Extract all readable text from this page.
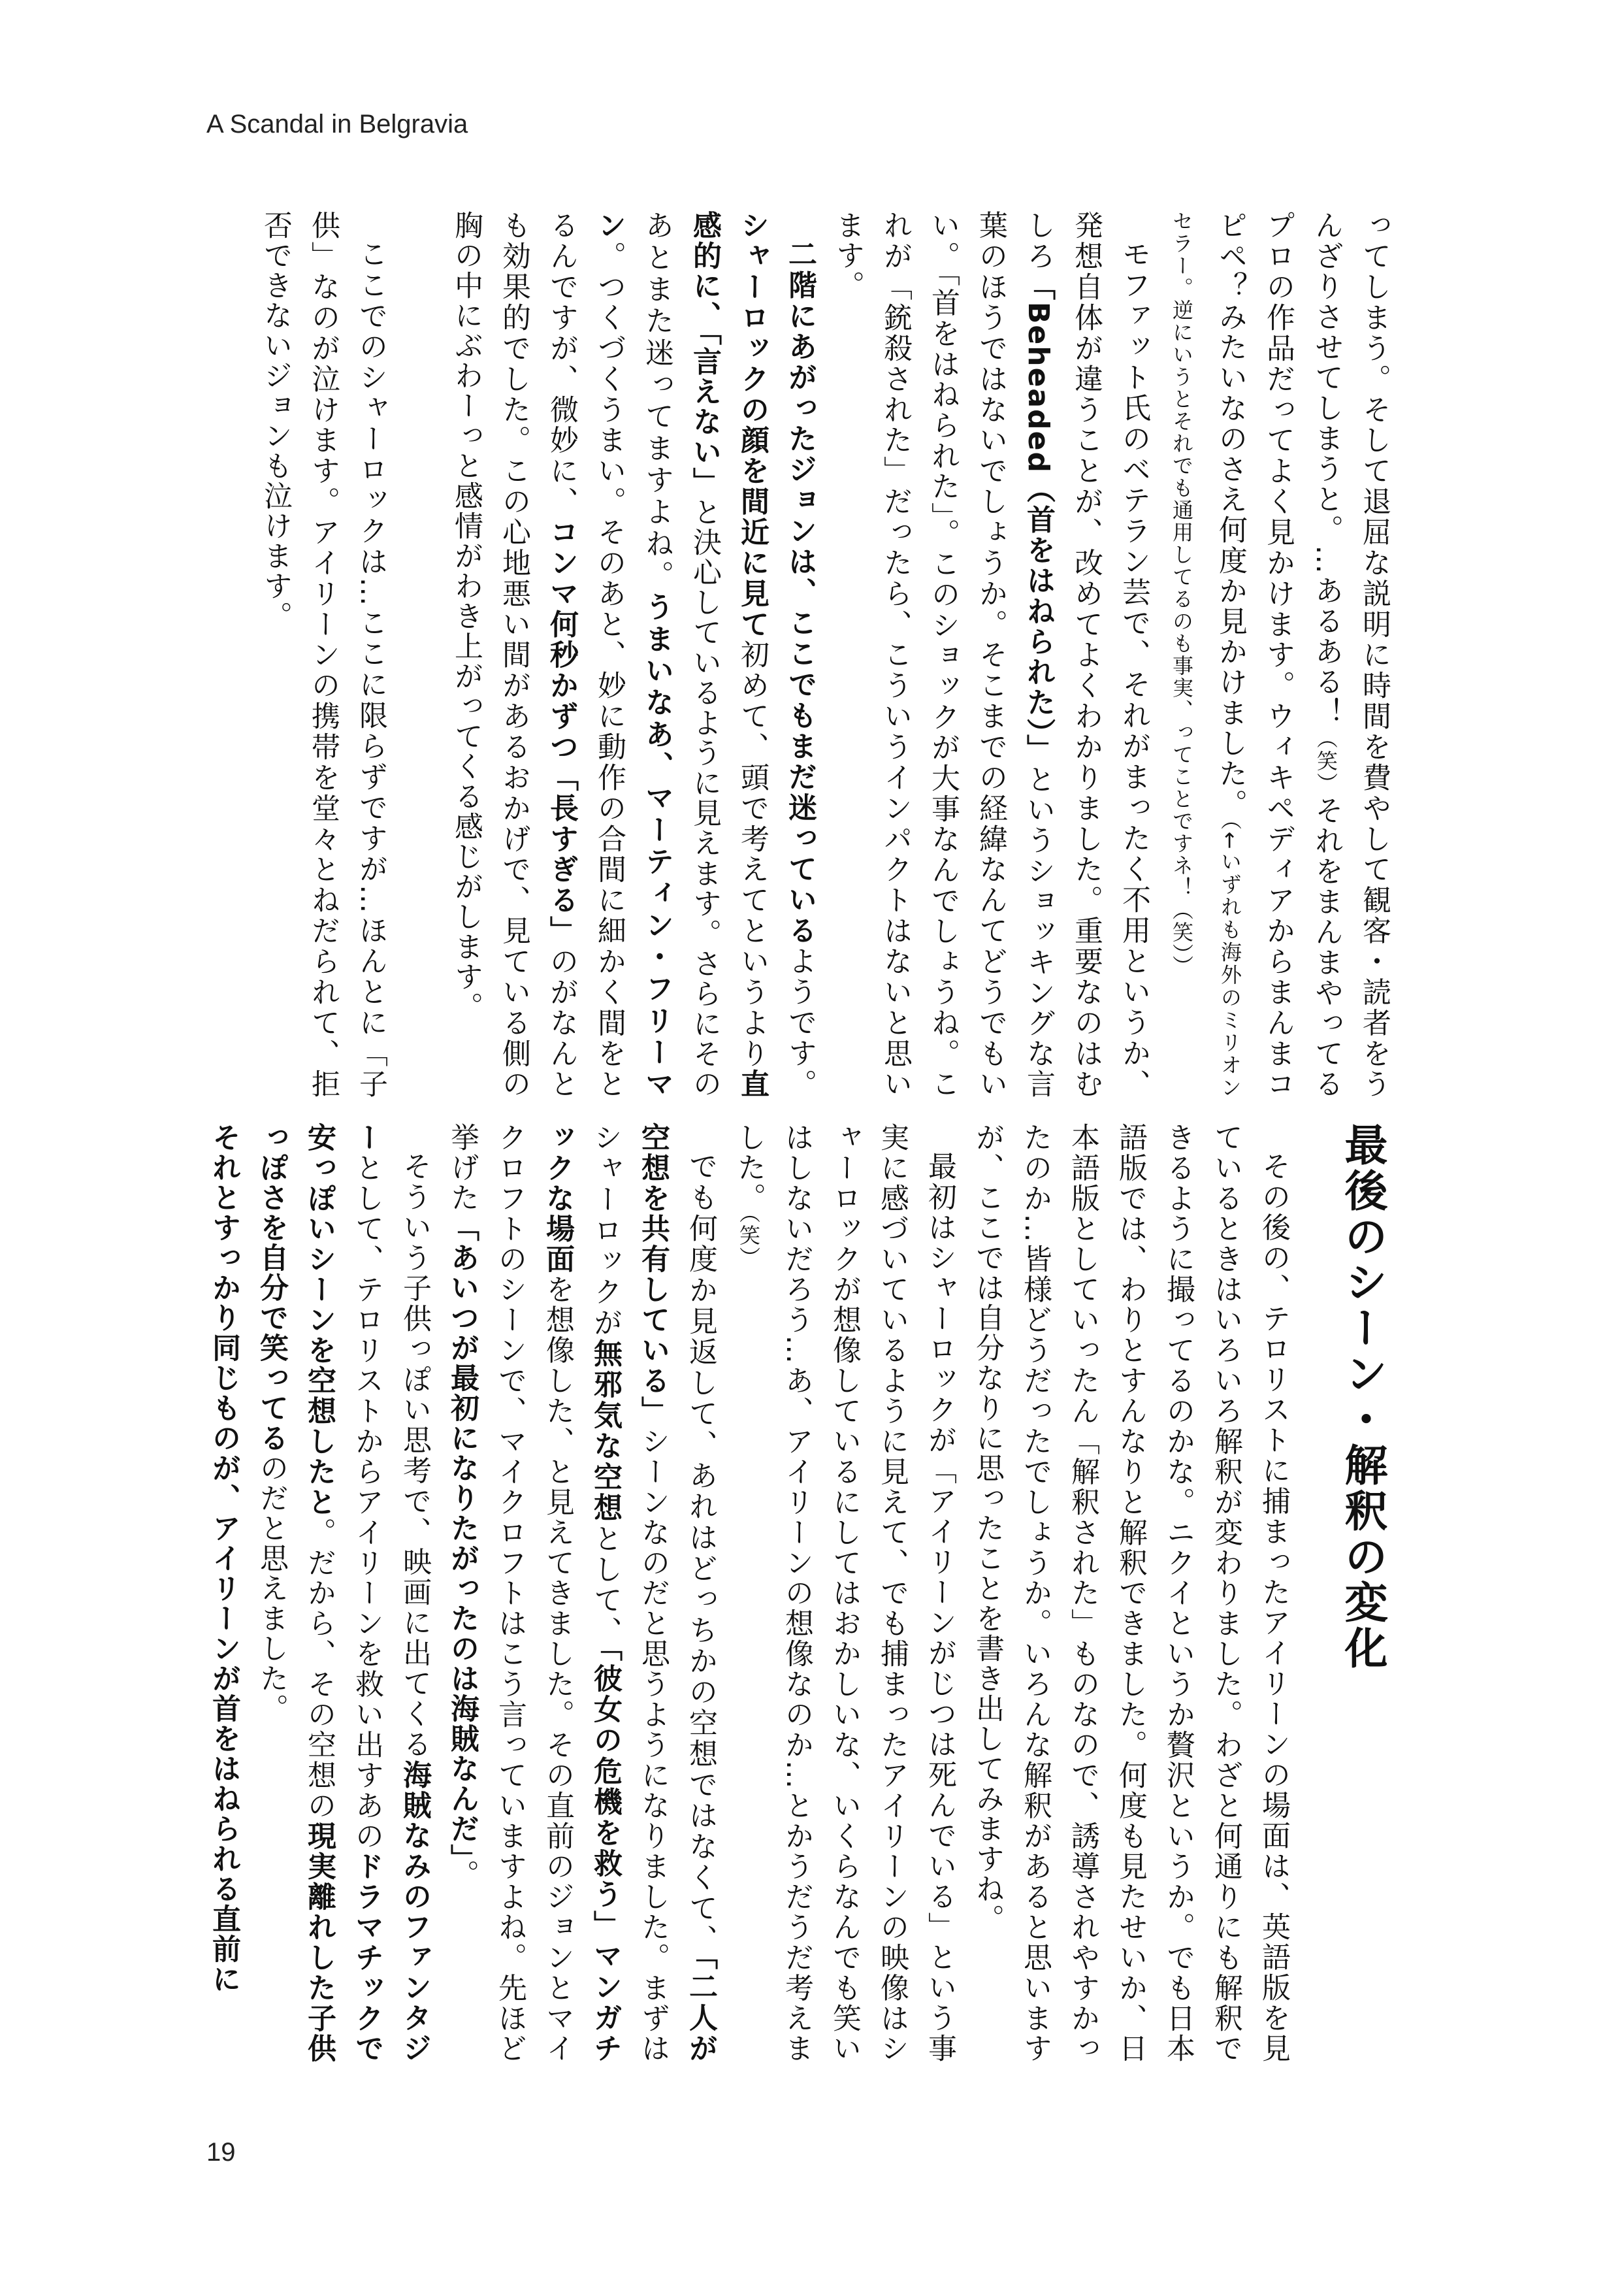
A Scandal in Belgravia

ってしまう。そして退屈な説明に時間を費やして観客・読者をうんざりさせてしまうと。…あるある！（笑）それをまんまやってるプロの作品だってよく見かけます。ウィキペディアからまんまコピペ？みたいなのさえ何度か見かけました。（←いずれも海外のミリオンセラー。逆にいうとそれでも通用してるのも事実、ってことですネ！（笑））

モファット氏のベテラン芸で、それがまったく不用というか、発想自体が違うことが、改めてよくわかりました。重要なのはむしろ「Beheaded（首をはねられた）」というショッキングな言葉のほうではないでしょうか。そこまでの経緯なんてどうでもいい。「首をはねられた」。このショックが大事なんでしょうね。これが「銃殺された」だったら、こういうインパクトはないと思います。

二階にあがったジョンは、ここでもまだ迷っているようです。シャーロックの顔を間近に見て初めて、頭で考えてというより直感的に、「言えない」と決心しているように見えます。さらにそのあとまた迷ってますよね。うまいなあ、マーティン・フリーマン。つくづくうまい。そのあと、妙に動作の合間に細かく間をとるんですが、微妙に、コンマ何秒かずつ「長すぎる」のがなんとも効果的でした。この心地悪い間があるおかげで、見ている側の胸の中にぶわーっと感情がわき上がってくる感じがします。

ここでのシャーロックは…ここに限らずですが…ほんとに「子供」なのが泣けます。アイリーンの携帯を堂々とねだられて、拒否できないジョンも泣けます。

最後のシーン・解釈の変化

その後の、テロリストに捕まったアイリーンの場面は、英語版を見ているときはいろいろ解釈が変わりました。わざと何通りにも解釈できるように撮ってるのかな。ニクイというか贅沢というか。でも日本語版では、わりとすんなりと解釈できました。何度も見たせいか、日本語版としていったん「解釈された」ものなので、誘導されやすかったのか…皆様どうだったでしょうか。いろんな解釈があると思いますが、ここでは自分なりに思ったことを書き出してみますね。

最初はシャーロックが「アイリーンがじつは死んでいる」という事実に感づいているように見えて、でも捕まったアイリーンの映像はシャーロックが想像しているにしてはおかしいな、いくらなんでも笑いはしないだろう…あ、アイリーンの想像なのか…とかうだうだ考えました。（笑）

でも何度か見返して、あれはどっちかの空想ではなくて、「二人が空想を共有している」シーンなのだと思うようになりました。まずはシャーロックが無邪気な空想として、「彼女の危機を救う」マンガチックな場面を想像した、と見えてきました。その直前のジョンとマイクロフトのシーンで、マイクロフトはこう言っていますよね。先ほど挙げた「あいつが最初になりたがったのは海賊なんだ」。

そういう子供っぽい思考で、映画に出てくる海賊なみのファンタジーとして、テロリストからアイリーンを救い出すあのドラマチックで安っぽいシーンを空想したと。だから、その空想の現実離れした子供っぽさを自分で笑ってるのだと思えました。

それとすっかり同じものが、アイリーンが首をはねられる直前に

19
